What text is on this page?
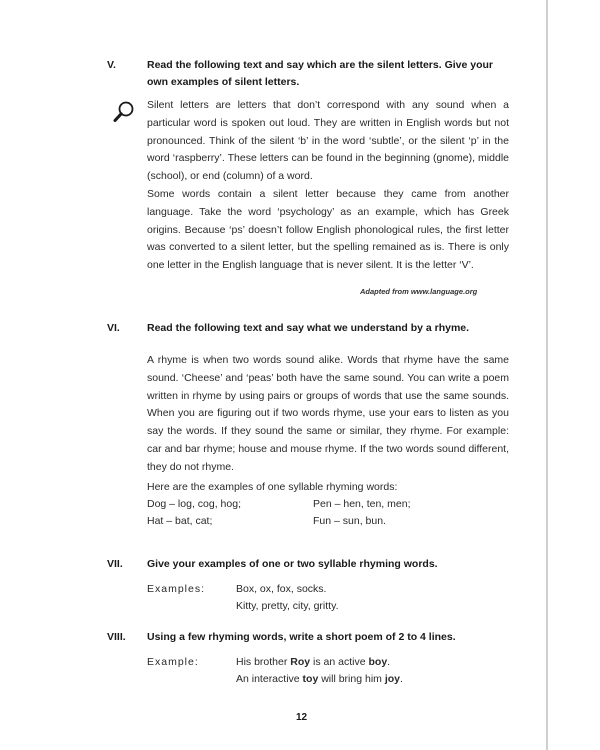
V.	Read the following text and say which are the silent letters. Give your own examples of silent letters.

Silent letters are letters that don’t correspond with any sound when a particular word is spoken out loud. They are written in English words but not pronounced. Think of the silent ‘b’ in the word ‘subtle’, or the silent ‘p’ in the word ‘raspberry’. These letters can be found in the beginning (gnome), middle (school), or end (column) of a word.

Some words contain a silent letter because they came from another language. Take the word ‘psychology’ as an example, which has Greek origins. Because ‘ps’ doesn’t follow English phonological rules, the first letter was converted to a silent letter, but the spelling remained as is. There is only one letter in the English language that is never silent. It is the letter ‘V’.

Adapted from www.language.org
VI.	Read the following text and say what we understand by a rhyme.

A rhyme is when two words sound alike. Words that rhyme have the same sound. ‘Cheese’ and ‘peas’ both have the same sound. You can write a poem written in rhyme by using pairs or groups of words that use the same sounds. When you are figuring out if two words rhyme, use your ears to listen as you say the words. If they sound the same or similar, they rhyme. For example: car and bar rhyme; house and mouse rhyme. If the two words sound different, they do not rhyme.

Here are the examples of one syllable rhyming words:
Dog – log, cog, hog;	Pen – hen, ten, men;
Hat – bat, cat;	Fun – sun, bun.
VII.	Give your examples of one or two syllable rhyming words.
Examples:	Box, ox, fox, socks.
Kitty, pretty, city, gritty.
VIII.	Using a few rhyming words, write a short poem of 2 to 4 lines.
Example:	His brother Roy is an active boy.
An interactive toy will bring him joy.
12
